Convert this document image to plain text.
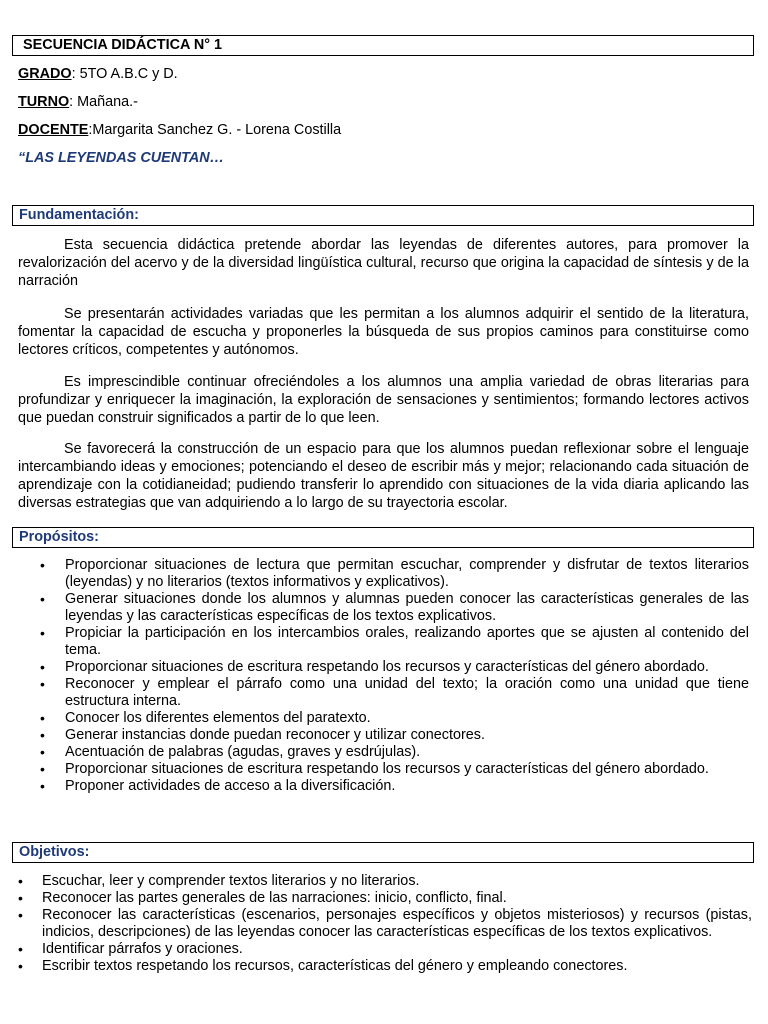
SECUENCIA DIDÁCTICA N° 1
GRADO: 5TO A.B.C y D.
TURNO: Mañana.-
DOCENTE:Margarita Sanchez G. - Lorena Costilla
“LAS LEYENDAS CUENTAN…
Fundamentación:

Esta secuencia didáctica pretende abordar las leyendas de diferentes autores, para promover la revalorización del acervo y de la diversidad lingüística cultural, recurso que origina la capacidad de síntesis y de la narración

Se presentarán actividades variadas que les permitan a los alumnos adquirir el sentido de la literatura, fomentar la capacidad de escucha y proponerles la búsqueda de sus propios caminos para constituirse como lectores críticos, competentes y autónomos.

Es imprescindible continuar ofreciéndoles a los alumnos una amplia variedad de obras literarias para profundizar y enriquecer la imaginación, la exploración de sensaciones y sentimientos; formando lectores activos que puedan construir significados a partir de lo que leen.

Se favorecerá la construcción de un espacio para que los alumnos puedan reflexionar sobre el lenguaje intercambiando ideas y emociones; potenciando el deseo de escribir más y mejor; relacionando cada situación de aprendizaje con la cotidianeidad; pudiendo transferir lo aprendido con situaciones de la vida diaria aplicando las diversas estrategias que van adquiriendo a lo largo de su trayectoria escolar.

Propósitos:
• Proporcionar situaciones de lectura que permitan escuchar, comprender y disfrutar de textos literarios (leyendas) y no literarios (textos informativos y explicativos).
• Generar situaciones donde los alumnos y alumnas pueden conocer las características generales de las leyendas y las características específicas de los textos explicativos.
• Propiciar la participación en los intercambios orales, realizando aportes que se ajusten al contenido del tema.
• Proporcionar situaciones de escritura respetando los recursos y características del género abordado.
• Reconocer y emplear el párrafo como una unidad del texto; la oración como una unidad que tiene estructura interna.
• Conocer los diferentes elementos del paratexto.
• Generar instancias donde puedan reconocer y utilizar conectores.
• Acentuación de palabras (agudas, graves y esdrújulas).
• Proporcionar situaciones de escritura respetando los recursos y características del género abordado.
• Proponer actividades de acceso a la diversificación.
Objetivos:
• Escuchar, leer y comprender textos literarios y no literarios.
• Reconocer las partes generales de las narraciones: inicio, conflicto, final.
• Reconocer las características (escenarios, personajes específicos y objetos misteriosos) y recursos (pistas, indicios, descripciones) de las leyendas conocer las características específicas de los textos explicativos.
• Identificar párrafos y oraciones.
• Escribir textos respetando los recursos, características del género y empleando conectores.
